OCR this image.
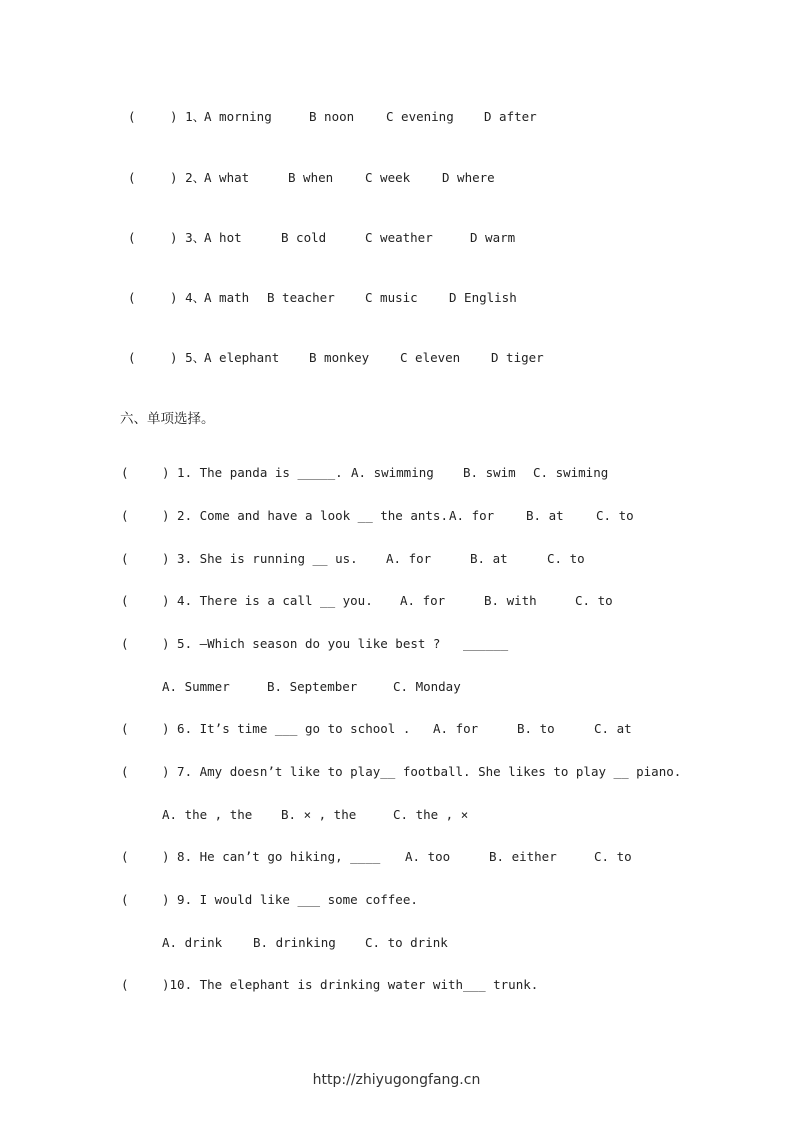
(	) 1、
A morning	B noon	C evening D after
(	) 2、
A what	B when	C week	D where
(	) 3、
A hot	B cold	C weather	D warm
(	) 4、
A math B teacher C music	D English
(	) 5、
A elephant B monkey C eleven D tiger
六、单项选择。
(	) 1. The panda is _____. A. swimming B. swim C. swiming
(	) 2. Come and have a look __ the ants. A. for	B. at	C. to
(	) 3. She is running __ us. A. for	B. at	C. to
(	) 4. There is a call __ you. A. for	B. with	C. to
(	) 5. —Which season do you like best ? ______
A. Summer	B. September	C. Monday
(	) 6. It’s time ___ go to school . A. for	B. to	C. at
(	) 7. Amy doesn’t like to play__ football. She likes to play __ piano.
A. the , the B. × , the	C. the , ×
(	) 8. He can’t go hiking, ____ A. too	B. either	C. to
(	) 9. I would like ___ some coffee.
A. drink B. drinking C. to drink
(	)10. The elephant is drinking water with___ trunk.
http://zhiyugongfang.cn
